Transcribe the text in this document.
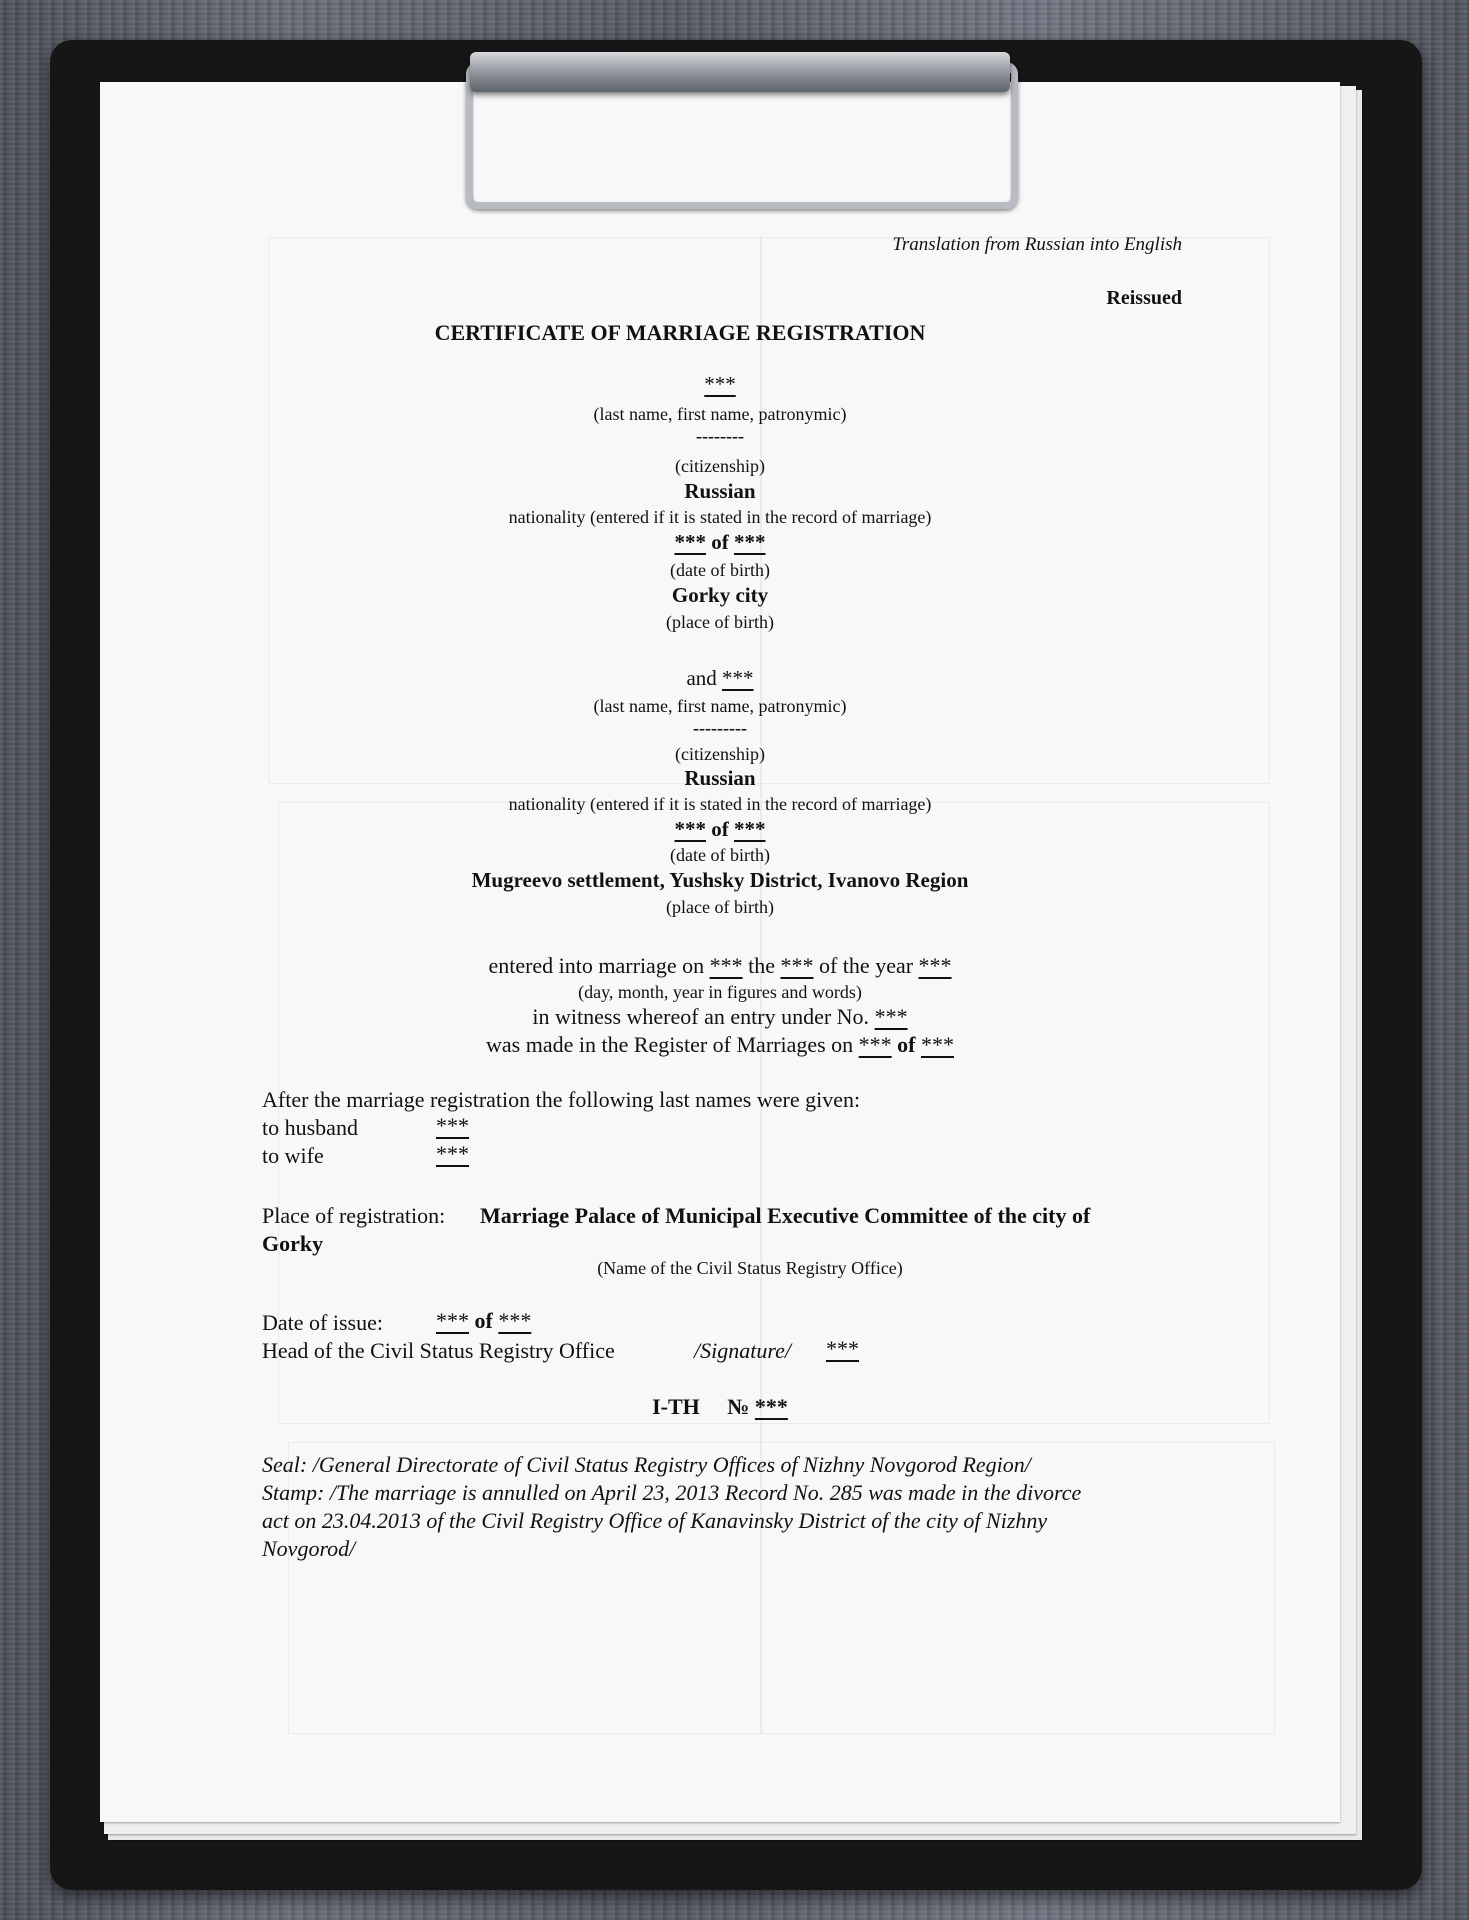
Translation from Russian into English
Reissued
CERTIFICATE OF MARRIAGE REGISTRATION
***
(last name, first name, patronymic)
--------
(citizenship)
Russian
nationality (entered if it is stated in the record of marriage)
*** of ***
(date of birth)
Gorky city
(place of birth)
and ***
(last name, first name, patronymic)
---------
(citizenship)
Russian
nationality (entered if it is stated in the record of marriage)
*** of ***
(date of birth)
Mugreevo settlement, Yushsky District, Ivanovo Region
(place of birth)
entered into marriage on *** the *** of the year ***
(day, month, year in figures and words)
in witness whereof an entry under No. ***
was made in the Register of Marriages on *** of ***
After the marriage registration the following last names were given:
to husband	***
to wife	***
Place of registration: Marriage Palace of Municipal Executive Committee of the city of
Gorky
(Name of the Civil Status Registry Office)
Date of issue: *** of ***
Head of the Civil Status Registry Office	/Signature/ ***
I-TH № ***
Seal: /General Directorate of Civil Status Registry Offices of Nizhny Novgorod Region/
Stamp: /The marriage is annulled on April 23, 2013 Record No. 285 was made in the divorce
act on 23.04.2013 of the Civil Registry Office of Kanavinsky District of the city of Nizhny
Novgorod/
